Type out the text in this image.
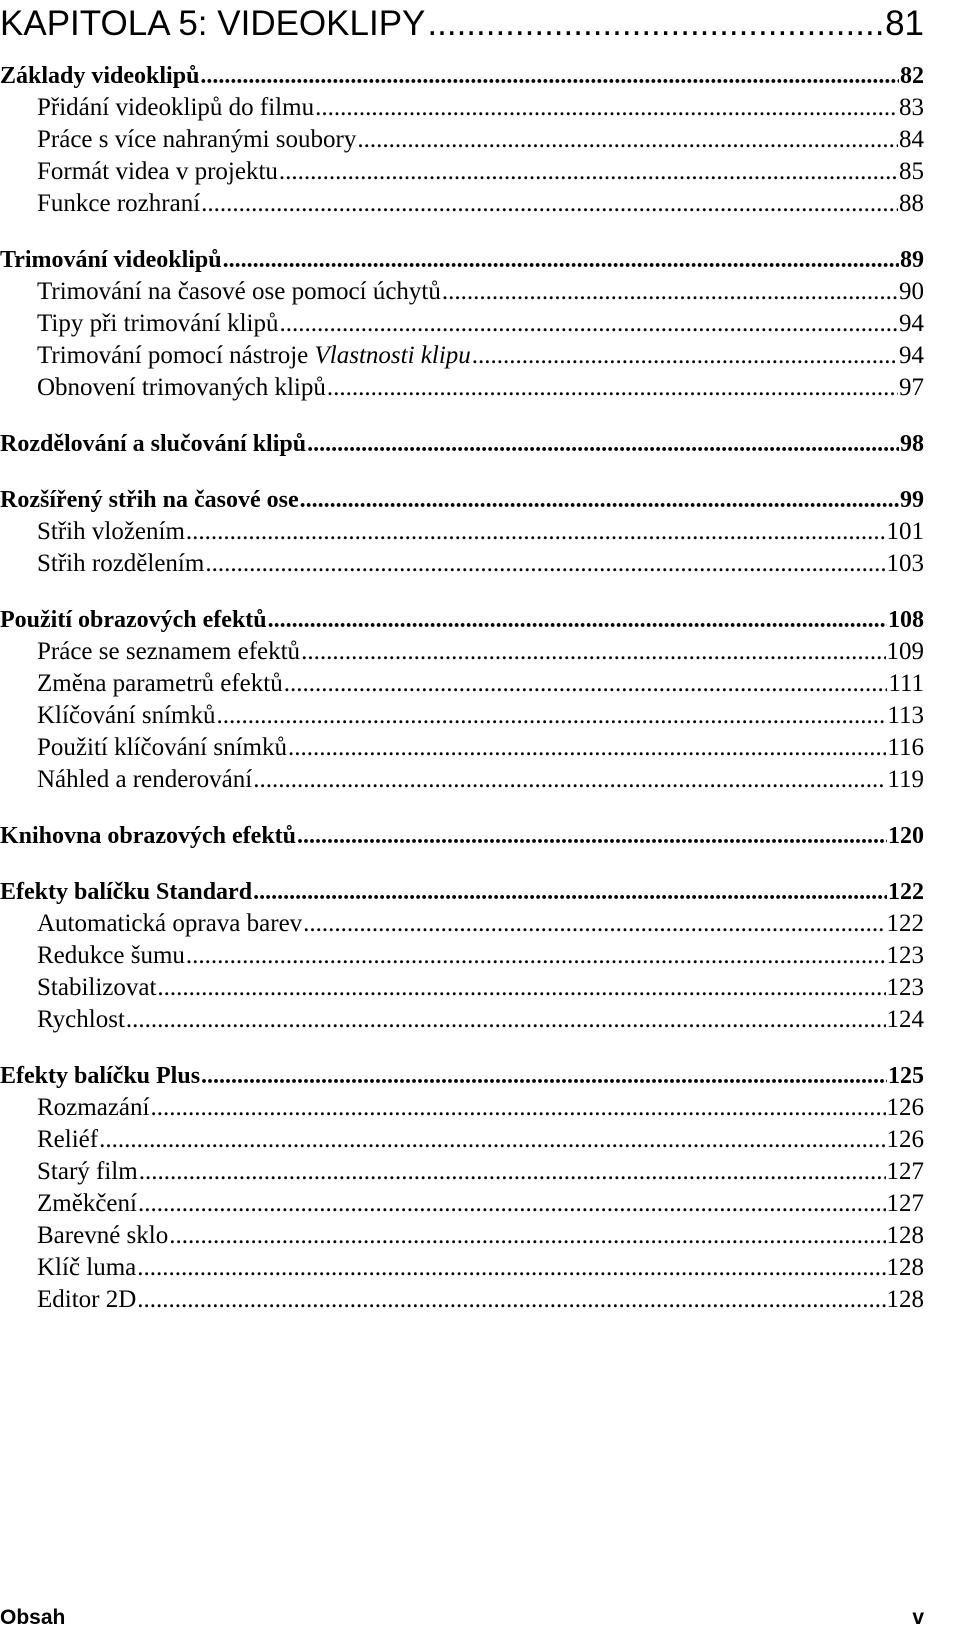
KAPITOLA 5: VIDEOKLIPY .....	81
Základy videoklipů .....	82
Přidání videoklipů do filmu .....	83
Práce s více nahranými soubory .....	84
Formát videa v projektu .....	85
Funkce rozhraní .....	88
Trimování videoklipů .....	89
Trimování na časové ose pomocí úchytů .....	90
Tipy při trimování klipů .....	94
Trimování pomocí nástroje Vlastnosti klipu .....	94
Obnovení trimovaných klipů .....	97
Rozdělování a slučování klipů .....	98
Rozšířený střih na časové ose .....	99
Střih vložením .....	101
Střih rozdělením .....	103
Použití obrazových efektů .....	108
Práce se seznamem efektů .....	109
Změna parametrů efektů .....	111
Klíčování snímků .....	113
Použití klíčování snímků .....	116
Náhled a renderování .....	119
Knihovna obrazových efektů .....	120
Efekty balíčku Standard .....	122
Automatická oprava barev .....	122
Redukce šumu .....	123
Stabilizovat .....	123
Rychlost .....	124
Efekty balíčku Plus .....	125
Rozmazání .....	126
Reliéf .....	126
Starý film .....	127
Změkčení .....	127
Barevné sklo .....	128
Klíč luma .....	128
Editor 2D .....	128
Obsah	v
